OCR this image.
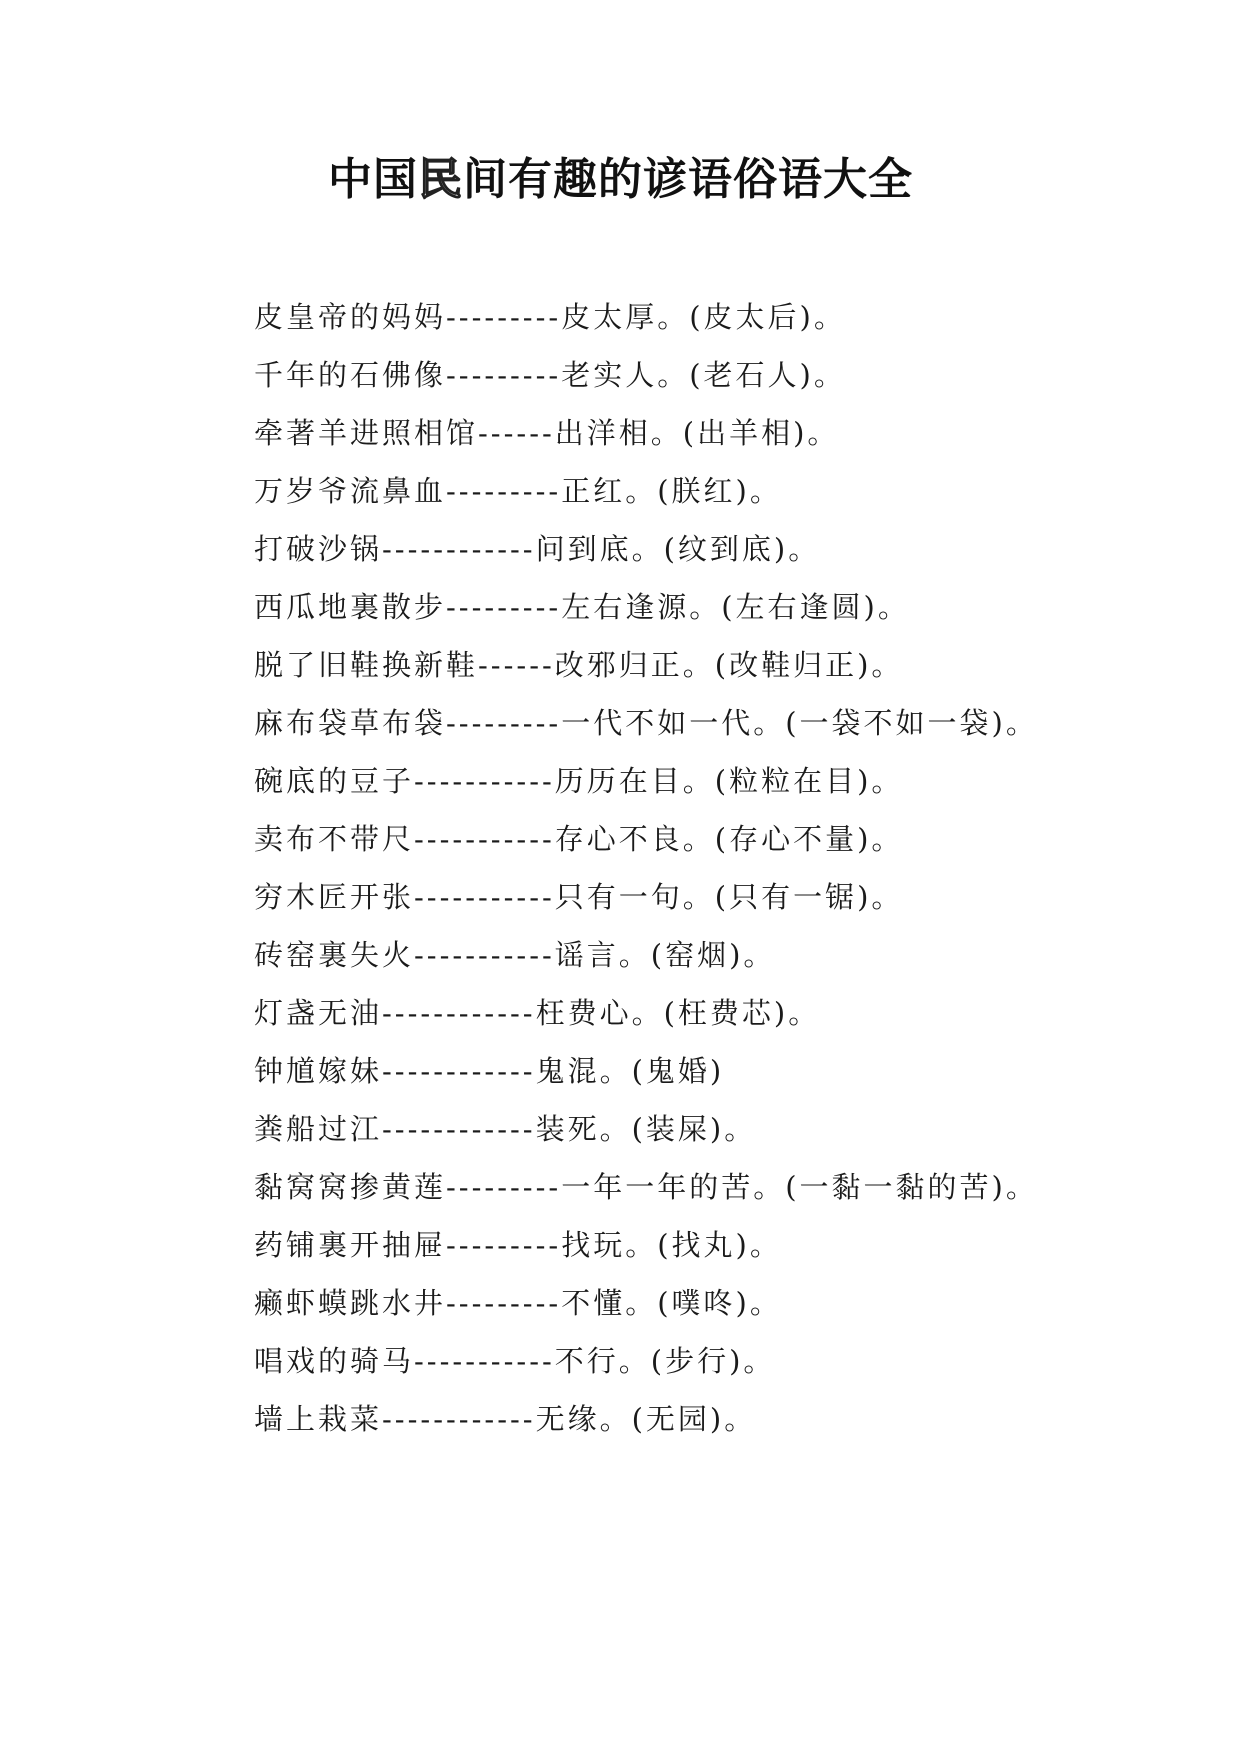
中国民间有趣的谚语俗语大全

皮皇帝的妈妈---------皮太厚。(皮太后)。

千年的石佛像---------老实人。(老石人)。

牵著羊进照相馆------出洋相。(出羊相)。

万岁爷流鼻血---------正红。(朕红)。

打破沙锅------------问到底。(纹到底)。

西瓜地裏散步---------左右逢源。(左右逢圆)。

脱了旧鞋换新鞋------改邪归正。(改鞋归正)。

麻布袋草布袋---------一代不如一代。(一袋不如一袋)。

碗底的豆子-----------历历在目。(粒粒在目)。

卖布不带尺-----------存心不良。(存心不量)。

穷木匠开张-----------只有一句。(只有一锯)。

砖窑裏失火-----------谣言。(窑烟)。

灯盏无油------------枉费心。(枉费芯)。

钟馗嫁妹------------鬼混。(鬼婚)

粪船过江------------装死。(装屎)。

黏窝窝掺黄莲---------一年一年的苦。(一黏一黏的苦)。

药铺裏开抽屉---------找玩。(找丸)。

癞虾蟆跳水井---------不懂。(噗咚)。

唱戏的骑马-----------不行。(步行)。

墙上栽菜------------无缘。(无园)。
